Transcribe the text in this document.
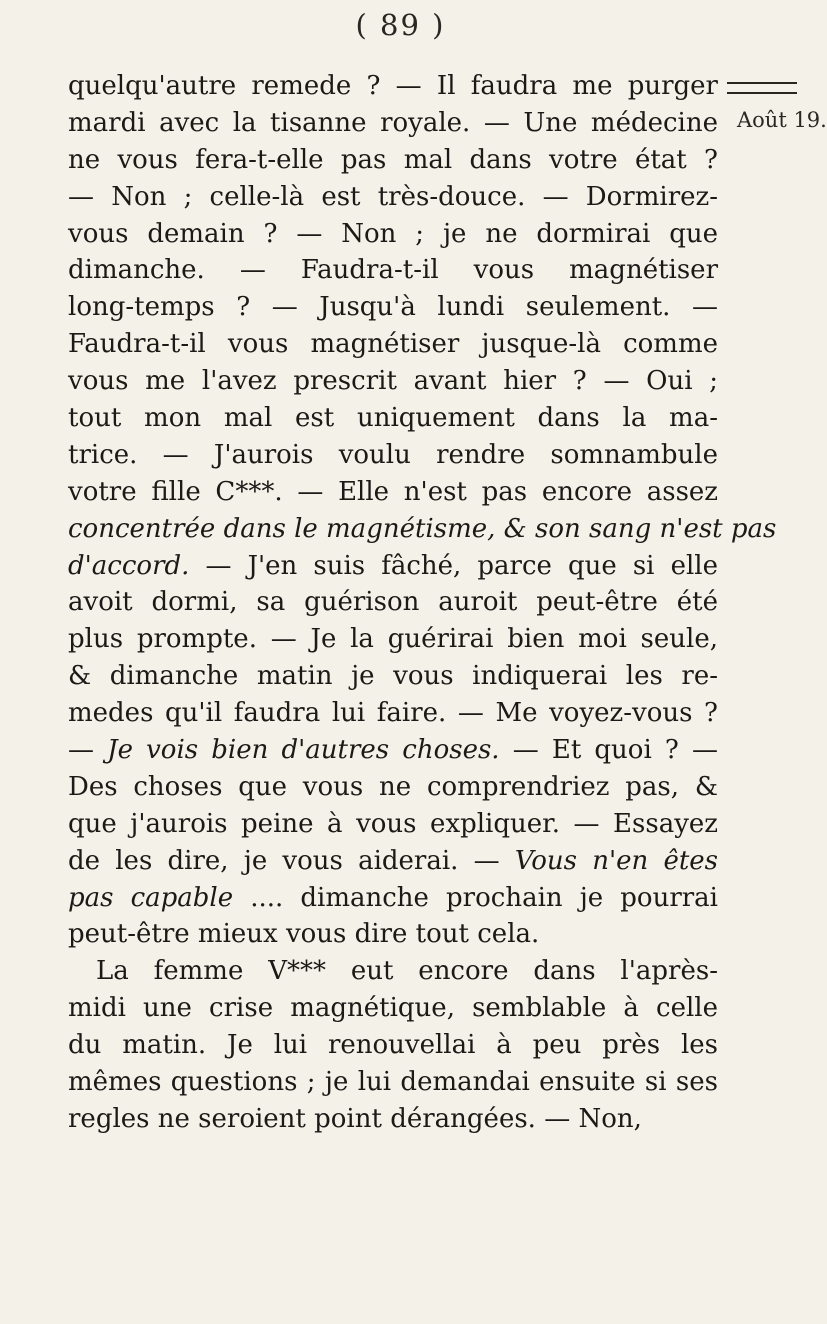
( 89 )
Août 19.
quelqu'autre remede ? — Il faudra me purger
mardi avec la tisanne royale. — Une médecine
ne vous fera-t-elle pas mal dans votre état ?
— Non ; celle-là est très-douce. — Dormirez-
vous demain ? — Non ; je ne dormirai que
dimanche. — Faudra-t-il vous magnétiser
long-temps ? — Jusqu'à lundi seulement. —
Faudra-t-il vous magnétiser jusque-là comme
vous me l'avez prescrit avant hier ? — Oui ;
tout mon mal est uniquement dans la ma-
trice. — J'aurois voulu rendre somnambule
votre fille C***. — Elle n'est pas encore assez
concentrée dans le magnétisme, & son sang n'est pas
d'accord. — J'en suis fâché, parce que si elle
avoit dormi, sa guérison auroit peut-être été
plus prompte. — Je la guérirai bien moi seule,
& dimanche matin je vous indiquerai les re-
medes qu'il faudra lui faire. — Me voyez-vous ?
— Je vois bien d'autres choses. — Et quoi ? —
Des choses que vous ne comprendriez pas, &
que j'aurois peine à vous expliquer. — Essayez
de les dire, je vous aiderai. — Vous n'en êtes
pas capable .... dimanche prochain je pourrai
peut-être mieux vous dire tout cela.
La femme V*** eut encore dans l'après-
midi une crise magnétique, semblable à celle
du matin. Je lui renouvellai à peu près les
mêmes questions ; je lui demandai ensuite si ses
regles ne seroient point dérangées. — Non,
